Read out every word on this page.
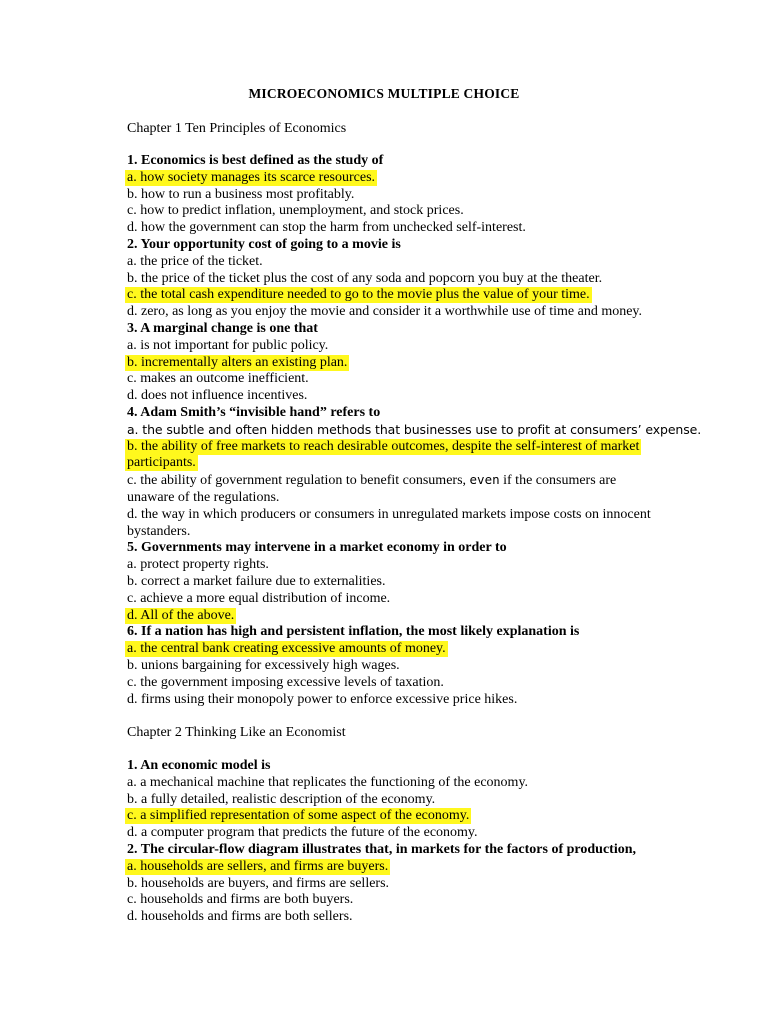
MICROECONOMICS MULTIPLE CHOICE
Chapter 1 Ten Principles of Economics
1. Economics is best defined as the study of
a. how society manages its scarce resources.
b. how to run a business most profitably.
c. how to predict inflation, unemployment, and stock prices.
d. how the government can stop the harm from unchecked self-interest.
2. Your opportunity cost of going to a movie is
a. the price of the ticket.
b. the price of the ticket plus the cost of any soda and popcorn you buy at the theater.
c. the total cash expenditure needed to go to the movie plus the value of your time.
d. zero, as long as you enjoy the movie and consider it a worthwhile use of time and money.
3. A marginal change is one that
a. is not important for public policy.
b. incrementally alters an existing plan.
c. makes an outcome inefficient.
d. does not influence incentives.
4. Adam Smith’s “invisible hand” refers to
a. the subtle and often hidden methods that businesses use to profit at consumers’ expense.
b. the ability of free markets to reach desirable outcomes, despite the self-interest of market
participants.
c. the ability of government regulation to benefit consumers, even if the consumers are
unaware of the regulations.
d. the way in which producers or consumers in unregulated markets impose costs on innocent
bystanders.
5. Governments may intervene in a market economy in order to
a. protect property rights.
b. correct a market failure due to externalities.
c. achieve a more equal distribution of income.
d. All of the above.
6. If a nation has high and persistent inflation, the most likely explanation is
a. the central bank creating excessive amounts of money.
b. unions bargaining for excessively high wages.
c. the government imposing excessive levels of taxation.
d. firms using their monopoly power to enforce excessive price hikes.
Chapter 2 Thinking Like an Economist
1. An economic model is
a. a mechanical machine that replicates the functioning of the economy.
b. a fully detailed, realistic description of the economy.
c. a simplified representation of some aspect of the economy.
d. a computer program that predicts the future of the economy.
2. The circular-flow diagram illustrates that, in markets for the factors of production,
a. households are sellers, and firms are buyers.
b. households are buyers, and firms are sellers.
c. households and firms are both buyers.
d. households and firms are both sellers.
